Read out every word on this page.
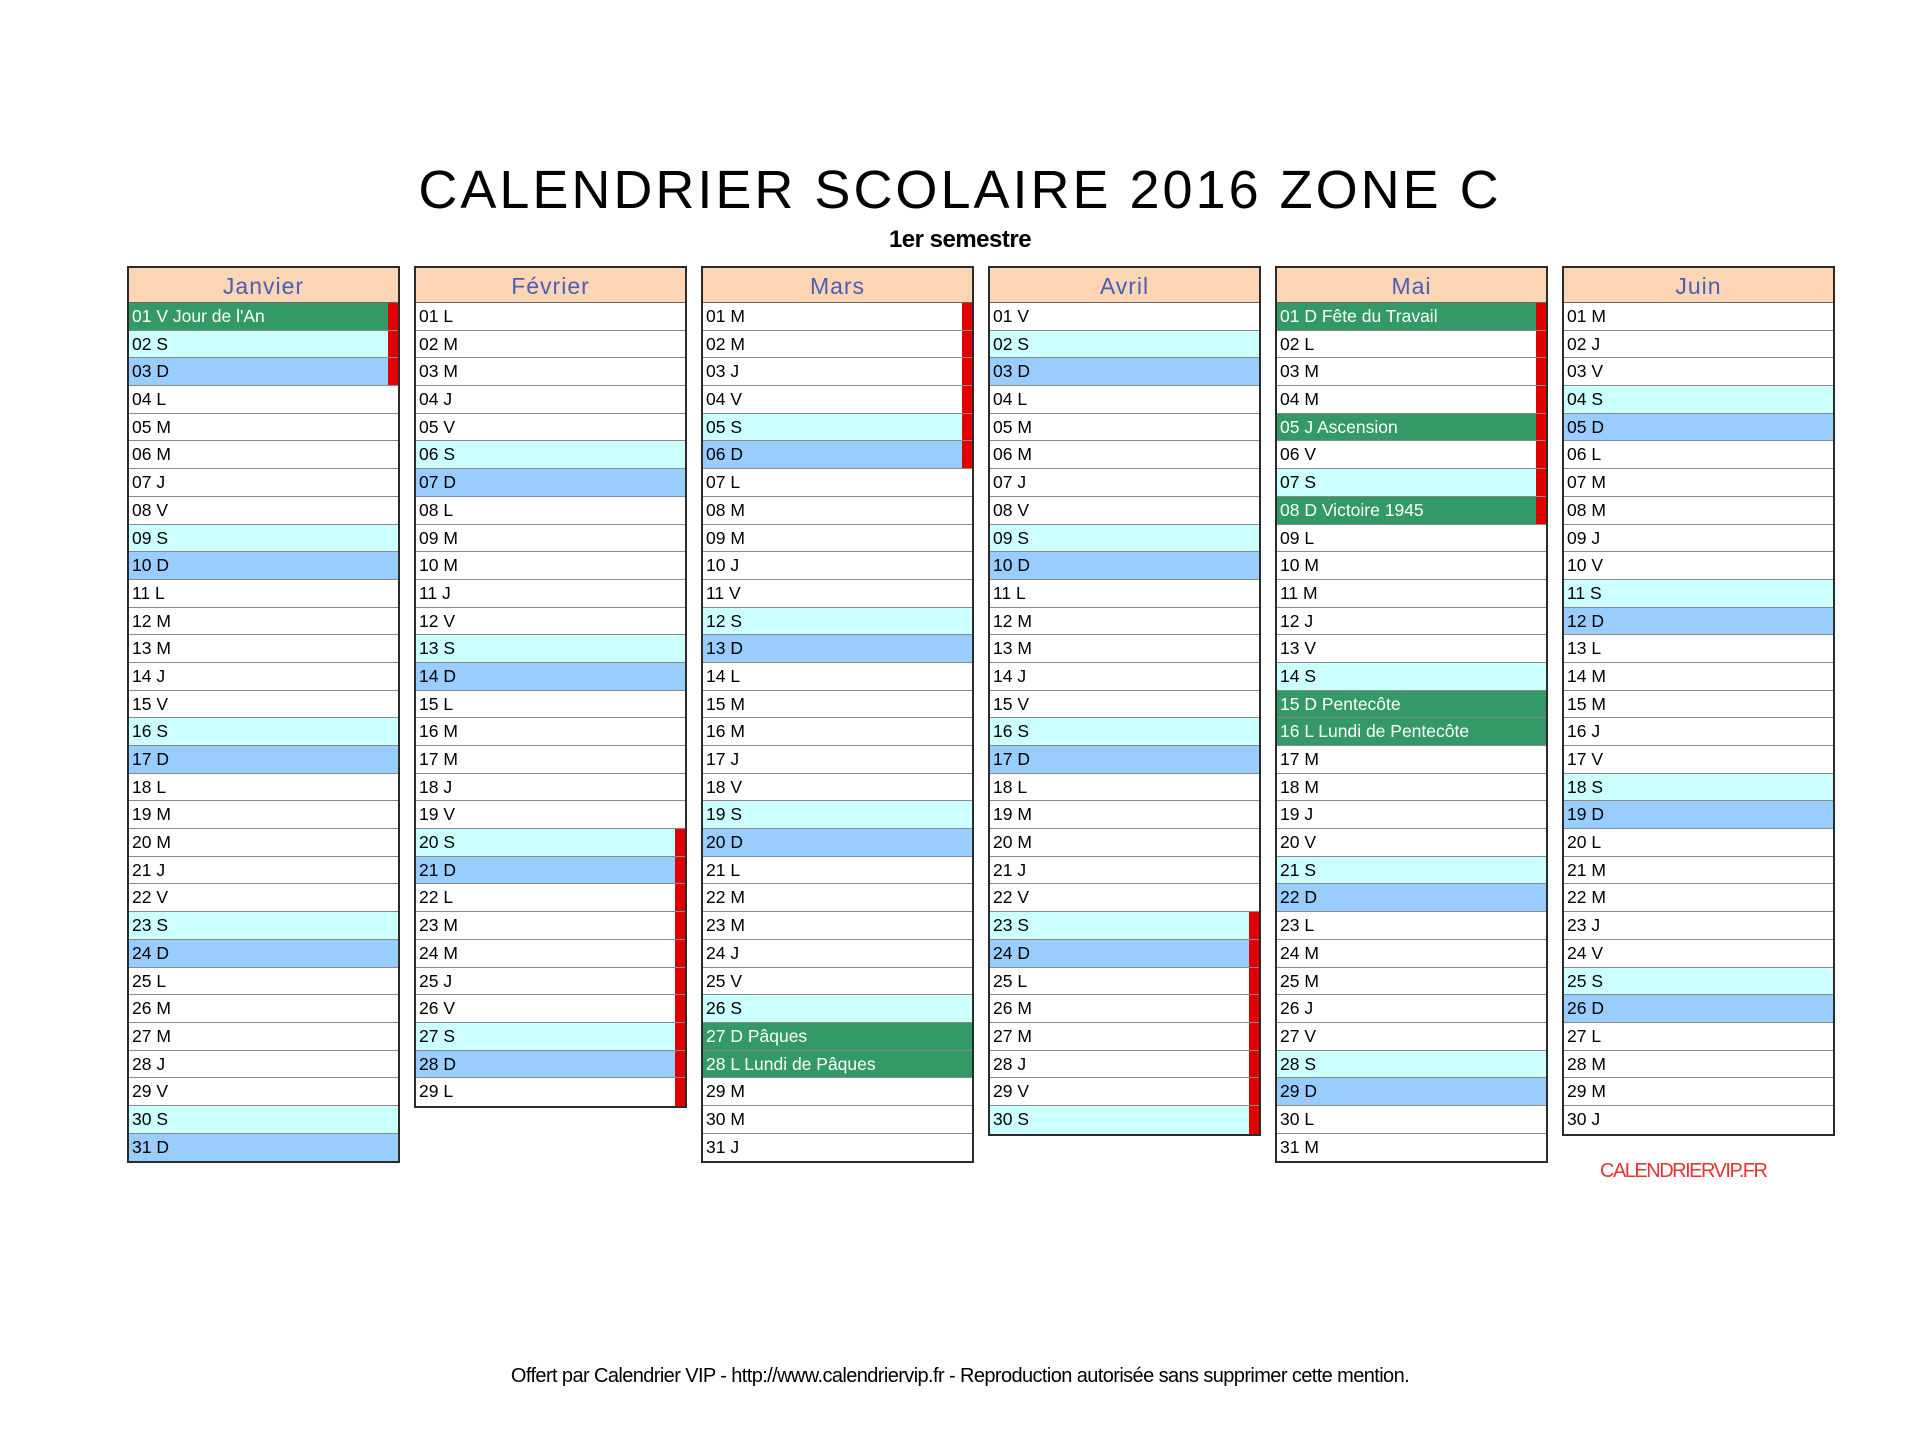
CALENDRIER SCOLAIRE 2016 ZONE C
1er semestre
Janvier
01 V Jour de l'An
02 S
03 D
04 L
05 M
06 M
07 J
08 V
09 S
10 D
11 L
12 M
13 M
14 J
15 V
16 S
17 D
18 L
19 M
20 M
21 J
22 V
23 S
24 D
25 L
26 M
27 M
28 J
29 V
30 S
31 D
Février
01 L
02 M
03 M
04 J
05 V
06 S
07 D
08 L
09 M
10 M
11 J
12 V
13 S
14 D
15 L
16 M
17 M
18 J
19 V
20 S
21 D
22 L
23 M
24 M
25 J
26 V
27 S
28 D
29 L
Mars
01 M
02 M
03 J
04 V
05 S
06 D
07 L
08 M
09 M
10 J
11 V
12 S
13 D
14 L
15 M
16 M
17 J
18 V
19 S
20 D
21 L
22 M
23 M
24 J
25 V
26 S
27 D Pâques
28 L Lundi de Pâques
29 M
30 M
31 J
Avril
01 V
02 S
03 D
04 L
05 M
06 M
07 J
08 V
09 S
10 D
11 L
12 M
13 M
14 J
15 V
16 S
17 D
18 L
19 M
20 M
21 J
22 V
23 S
24 D
25 L
26 M
27 M
28 J
29 V
30 S
Mai
01 D Fête du Travail
02 L
03 M
04 M
05 J Ascension
06 V
07 S
08 D Victoire 1945
09 L
10 M
11 M
12 J
13 V
14 S
15 D Pentecôte
16 L Lundi de Pentecôte
17 M
18 M
19 J
20 V
21 S
22 D
23 L
24 M
25 M
26 J
27 V
28 S
29 D
30 L
31 M
Juin
01 M
02 J
03 V
04 S
05 D
06 L
07 M
08 M
09 J
10 V
11 S
12 D
13 L
14 M
15 M
16 J
17 V
18 S
19 D
20 L
21 M
22 M
23 J
24 V
25 S
26 D
27 L
28 M
29 M
30 J
CALENDRIERVIP.FR
Offert par Calendrier VIP - http://www.calendriervip.fr - Reproduction autorisée sans supprimer cette mention.
